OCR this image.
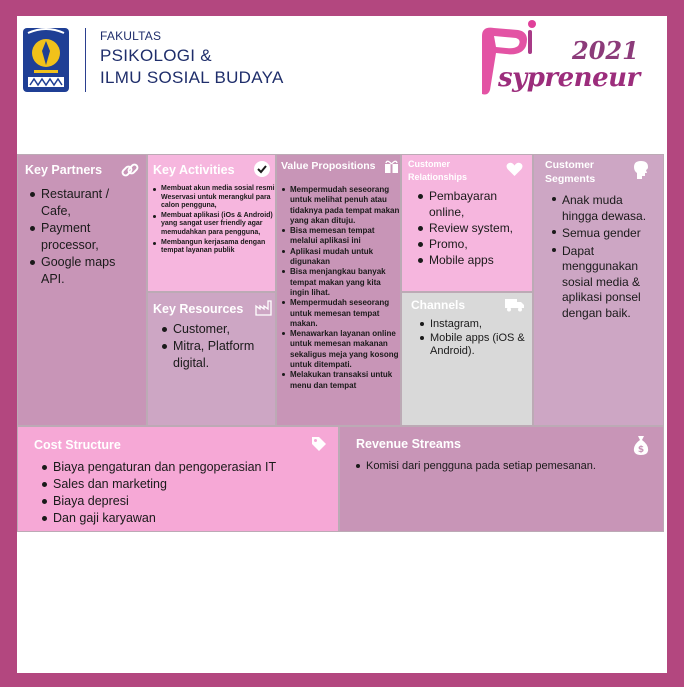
FAKULTAS
PSIKOLOGI &
ILMU SOSIAL BUDAYA
2021
sypreneur
Key Partners
Restaurant / Cafe,
Payment processor,
Google maps API.
Key Activities
Membuat akun media sosial resmi Weservasi untuk merangkul para calon pengguna,
Membuat aplikasi (iOs & Android) yang sangat user friendly agar memudahkan para pengguna,
Membangun kerjasama dengan tempat layanan publik
Key Resources
Customer,
Mitra, Platform digital.
Value Propositions
Mempermudah seseorang untuk melihat penuh atau tidaknya pada tempat makan yang akan dituju.
Bisa memesan tempat melalui aplikasi ini
Aplikasi mudah untuk digunakan
Bisa menjangkau banyak tempat makan yang kita ingin lihat.
Mempermudah seseorang untuk memesan tempat makan.
Menawarkan layanan online untuk memesan makanan sekaligus meja yang kosong untuk ditempati.
Melakukan transaksi untuk menu dan tempat
Customer
Relationships
Pembayaran online,
Review system,
Promo,
Mobile apps
Channels
Instagram,
Mobile apps (iOS & Android).
Customer
Segments
Anak muda hingga dewasa.
Semua gender
Dapat menggunakan sosial media & aplikasi ponsel dengan baik.
Cost Structure
Biaya pengaturan dan pengoperasian IT
Sales dan marketing
Biaya depresi
Dan gaji karyawan
Revenue Streams	$
Komisi dari pengguna pada setiap pemesanan.
